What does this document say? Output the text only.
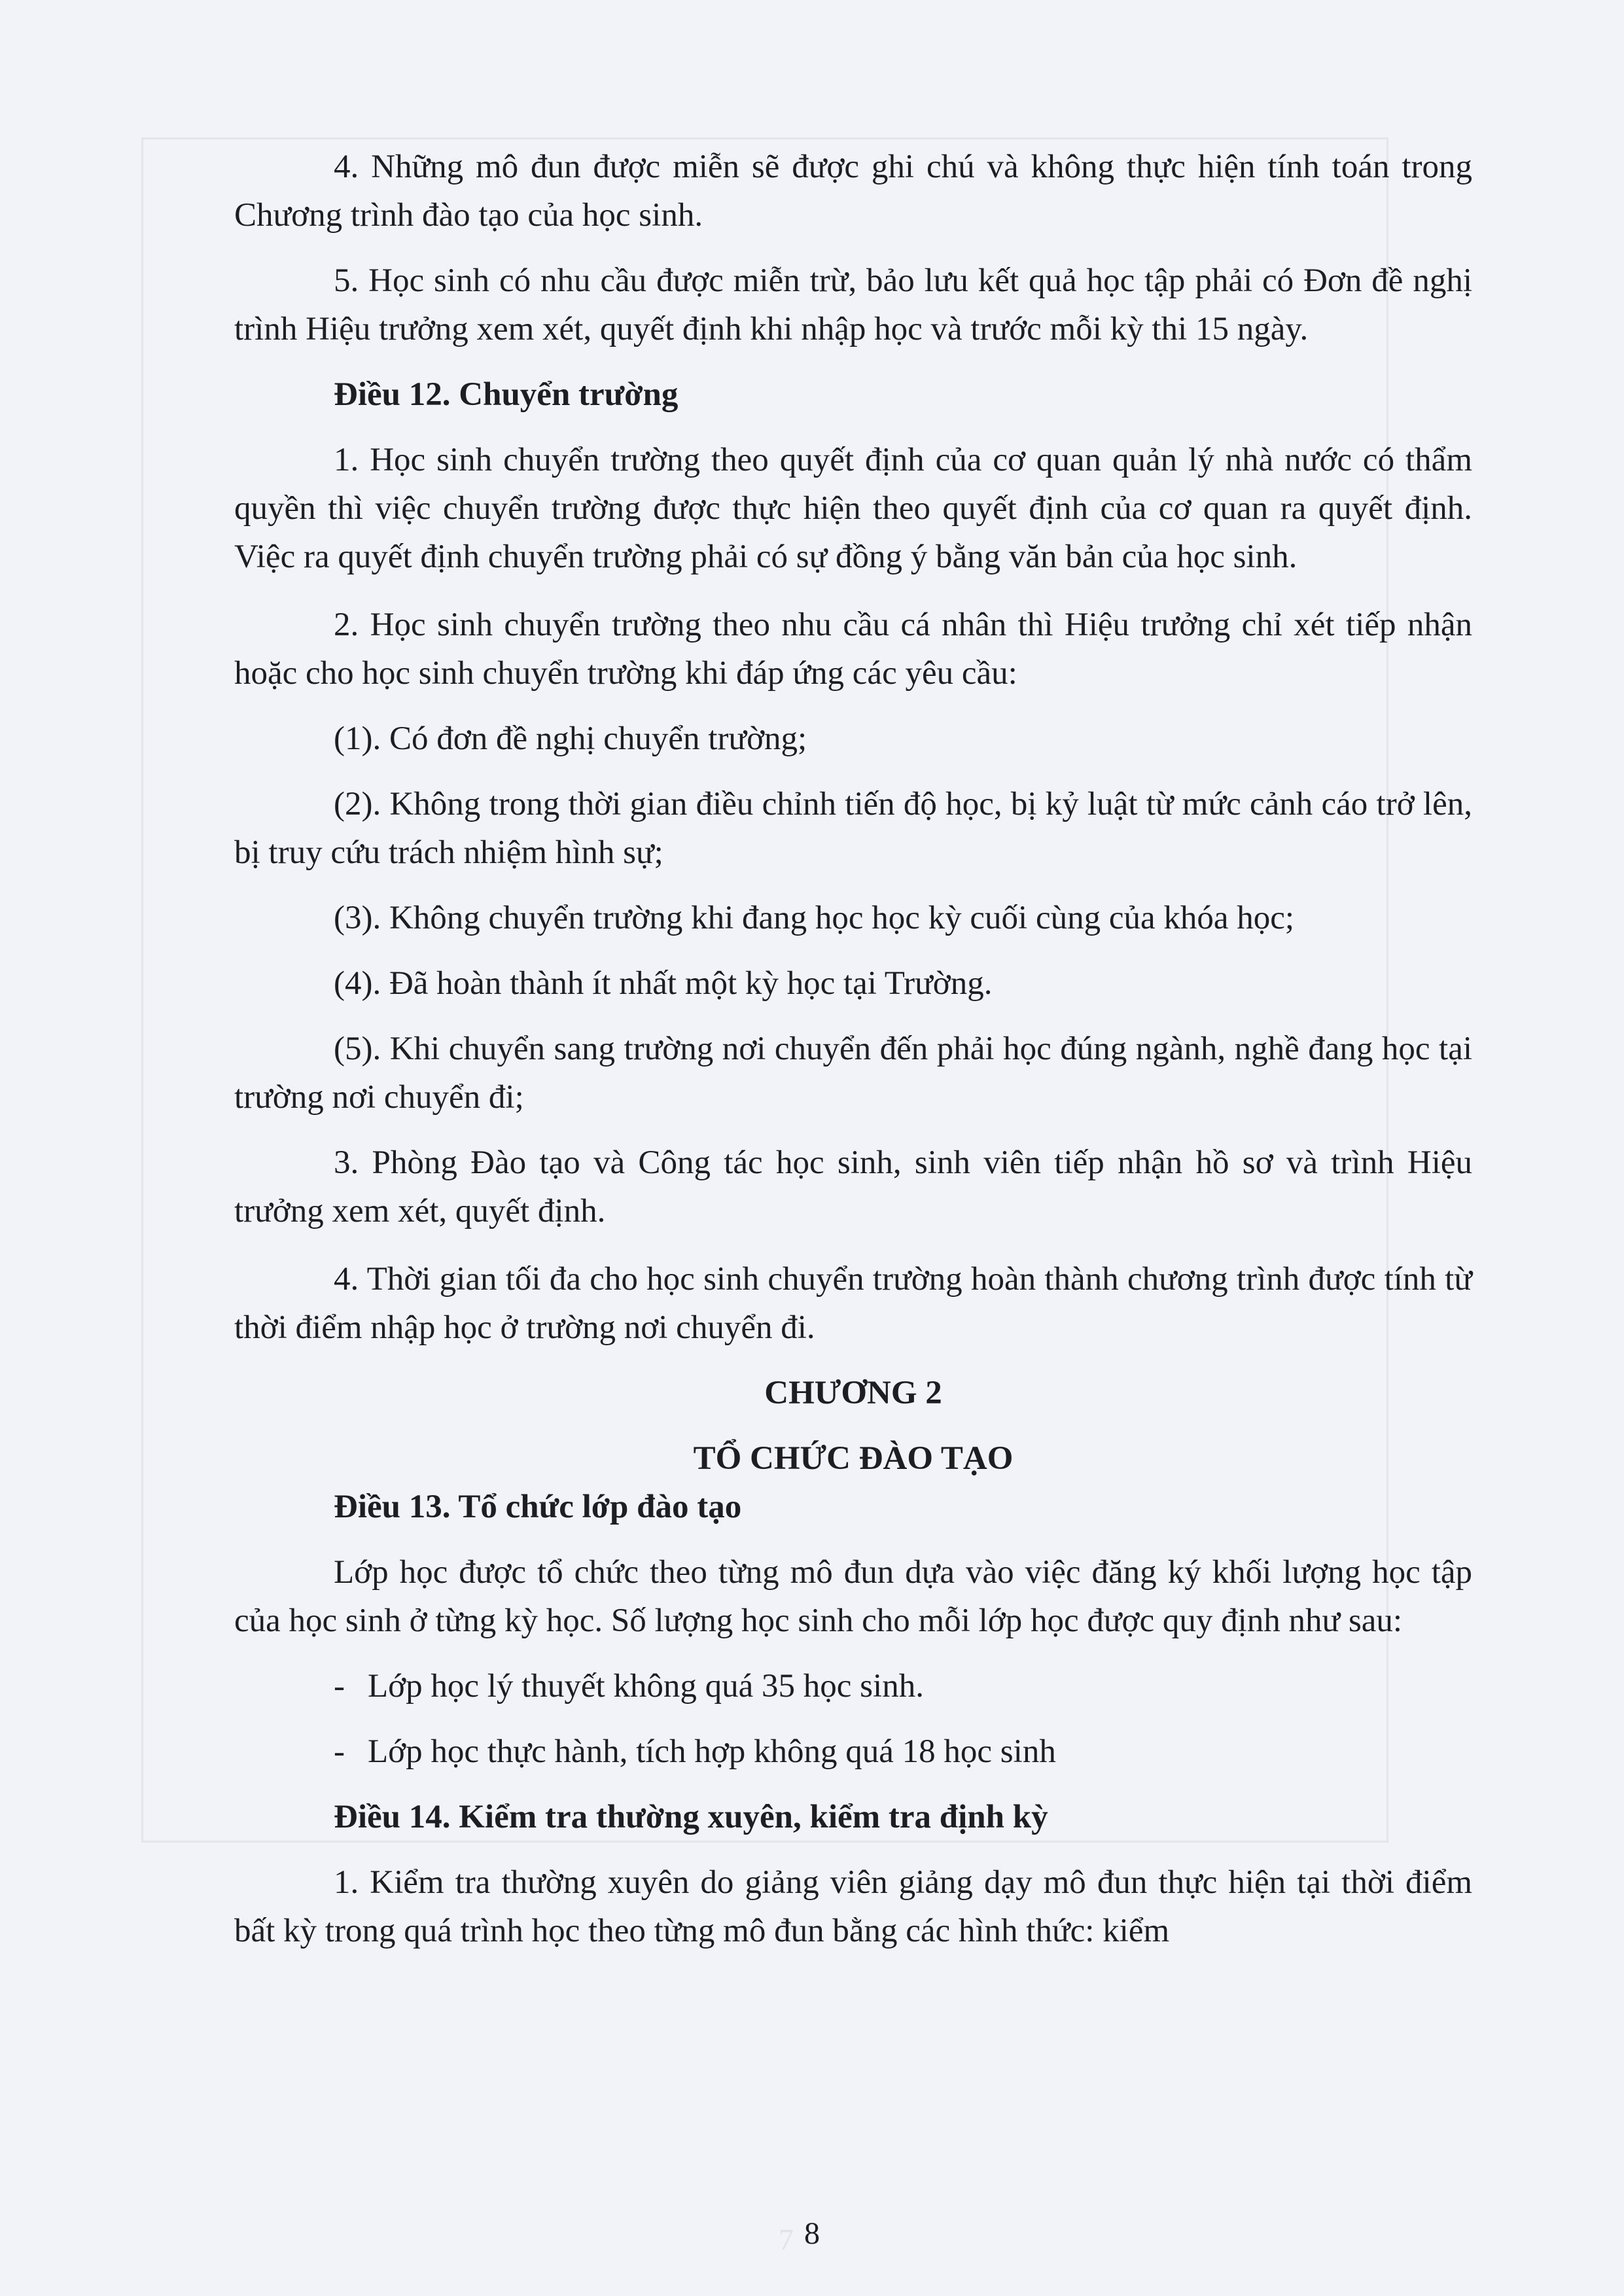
7

4. Những mô đun được miễn sẽ được ghi chú và không thực hiện tính toán trong Chương trình đào tạo của học sinh.

5. Học sinh có nhu cầu được miễn trừ, bảo lưu kết quả học tập phải có Đơn đề nghị trình Hiệu trưởng xem xét, quyết định khi nhập học và trước mỗi kỳ thi 15 ngày.

Điều 12. Chuyển trường

1. Học sinh chuyển trường theo quyết định của cơ quan quản lý nhà nước có thẩm quyền thì việc chuyển trường được thực hiện theo quyết định của cơ quan ra quyết định. Việc ra quyết định chuyển trường phải có sự đồng ý bằng văn bản của học sinh.

2. Học sinh chuyển trường theo nhu cầu cá nhân thì Hiệu trưởng chỉ xét tiếp nhận hoặc cho học sinh chuyển trường khi đáp ứng các yêu cầu:

(1). Có đơn đề nghị chuyển trường;

(2). Không trong thời gian điều chỉnh tiến độ học, bị kỷ luật từ mức cảnh cáo trở lên, bị truy cứu trách nhiệm hình sự;

(3). Không chuyển trường khi đang học học kỳ cuối cùng của khóa học;

(4). Đã hoàn thành ít nhất một kỳ học tại Trường.

(5). Khi chuyển sang trường nơi chuyển đến phải học đúng ngành, nghề đang học tại trường nơi chuyển đi;

3. Phòng Đào tạo và Công tác học sinh, sinh viên tiếp nhận hồ sơ và trình Hiệu trưởng xem xét, quyết định.

4. Thời gian tối đa cho học sinh chuyển trường hoàn thành chương trình được tính từ thời điểm nhập học ở trường nơi chuyển đi.

CHƯƠNG 2

TỔ CHỨC ĐÀO TẠO

Điều 13. Tổ chức lớp đào tạo

Lớp học được tổ chức theo từng mô đun dựa vào việc đăng ký khối lượng học tập của học sinh ở từng kỳ học. Số lượng học sinh cho mỗi lớp học được quy định như sau:

- Lớp học lý thuyết không quá 35 học sinh.

- Lớp học thực hành, tích hợp không quá 18 học sinh

Điều 14. Kiểm tra thường xuyên, kiểm tra định kỳ

1. Kiểm tra thường xuyên do giảng viên giảng dạy mô đun thực hiện tại thời điểm bất kỳ trong quá trình học theo từng mô đun bằng các hình thức: kiểm

8
